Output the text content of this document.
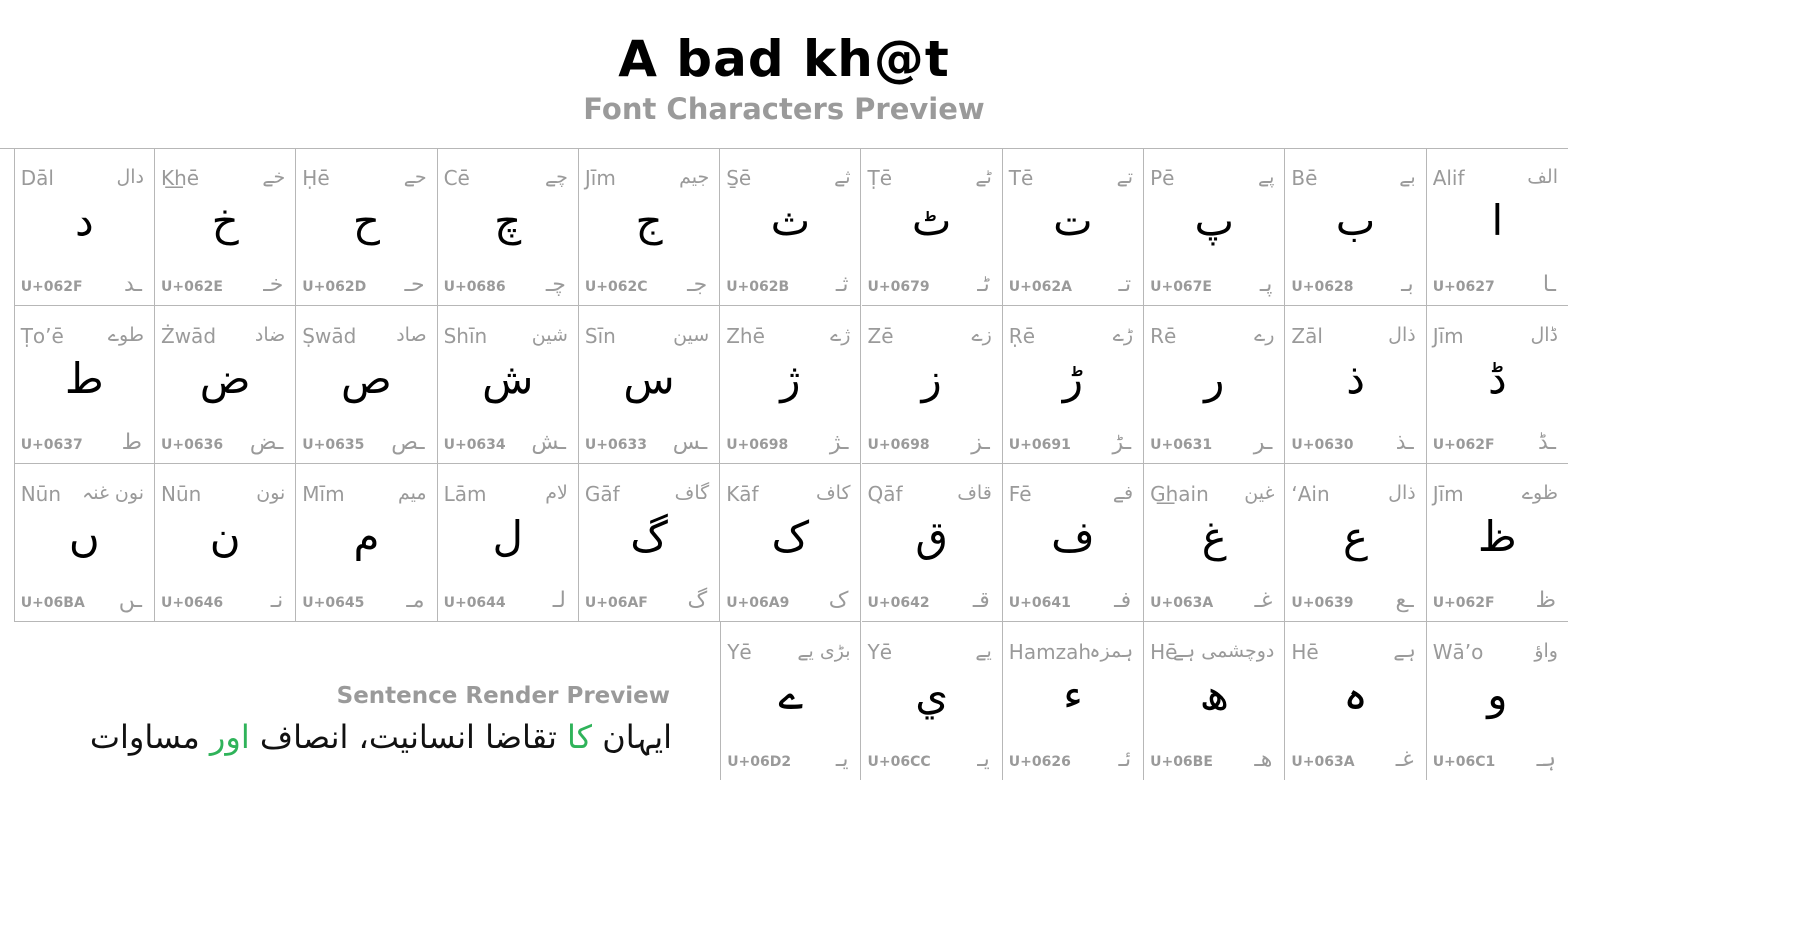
A bad kh@t
Font Characters Preview
Alif	الف
ا
U+0627 ـا
Bē	بے
ب
U+0628 بـ
Pē	پے
پ
U+067E پـ
Tē	تے
ت
U+062A تـ
Ṭē	ٹے
ٹ
U+0679 ٹـ
S̱ē	ثے
ث
U+062B ثـ
Jīm	جیم
ج
U+062C جـ
Cē	چے
چ
U+0686 چـ
Ḥē	حے
ح
U+062D حـ
K͟hē	خے
خ
U+062E خـ
Dāl	دال
د
U+062F ـد
Jīm	ڈال
ڈ
U+062F ـڈ
Zāl	ذال
ذ
U+0630 ـذ
Rē	رے
ر
U+0631 ـر
Ṛē	ڑے
ڑ
U+0691 ـڑ
Zē	زے
ز
U+0698 ـز
Zhē	ژے
ژ
U+0698 ـژ
Sīn	سین
س
U+0633 ـس
Shīn شین
ش
U+0634 ـش
Ṣwād صاد
ص
U+0635 ـص
Żwād ضاد
ض
U+0636 ـض
Ṭo’ē طوے
ط
U+0637 ط
Jīm	ظوے
ظ
U+062F ظ
‘Ain	ذال
ع
U+0639 ـع
G͟hain غین
غ
U+063A غـ
Fē	فے
ف
U+0641 فـ
Qāf	قاف
ق
U+0642 قـ
Kāf	کاف
ک
U+06A9 ک
Gāf	گاف
گ
U+06AF گ
Lām	لام
ل
U+0644 لـ
Mīm	میم
م
U+0645 مـ
Nūn	نون
ن
U+0646 نـ
Nūn نون غنہ
ں
U+06BA ـں
Wā’o	واؤ
و
U+06C1 ہـ
Hē	ہے
ہ
U+063A غـ
Hē
دوچشمی ہے
ھ
U+06BE ھـ
Hamzah
ہمزہ
ء
U+0626 ئـ
Yē	یے
ي
U+06CC یـ
Yē بڑی یے
ے
U+06D2 یـ
Sentence Render Preview
ایہان کا تقاضا انسانیت، انصاف اور مساوات
